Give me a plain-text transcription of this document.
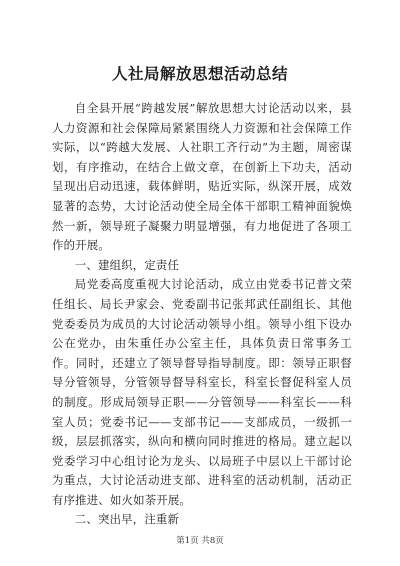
人社局解放思想活动总结

自全县开展“跨越发展”解放思想大讨论活动以来，县人力资源和社会保障局紧紧围绕人力资源和社会保障工作实际，以“跨越大发展、人社职工齐行动”为主题，周密谋划，有序推动，在结合上做文章，在创新上下功夫，活动呈现出启动迅速，载体鲜明，贴近实际，纵深开展，成效显著的态势，大讨论活动使全局全体干部职工精神面貌焕然一新，领导班子凝聚力明显增强，有力地促进了各项工作的开展。

一、建组织，定责任

局党委高度重视大讨论活动，成立由党委书记普文荣任组长、局长尹家会、党委副书记张邦武任副组长、其他党委委员为成员的大讨论活动领导小组。领导小组下设办公在党办，由朱重任办公室主任，具体负责日常事务工作。同时，还建立了领导督导指导制度。即：领导正职督导分管领导，分管领导督导科室长，科室长督促科室人员的制度。形成局领导正职——分管领导——科室长——科室人员；党委书记——支部书记——支部成员，一级抓一级，层层抓落实，纵向和横向同时推进的格局。建立起以党委学习中心组讨论为龙头、以局班子中层以上干部讨论为重点，大讨论活动进支部、进科室的活动机制，活动正有序推进、如火如荼开展。

二、突出早，注重新

第1页 共8页
